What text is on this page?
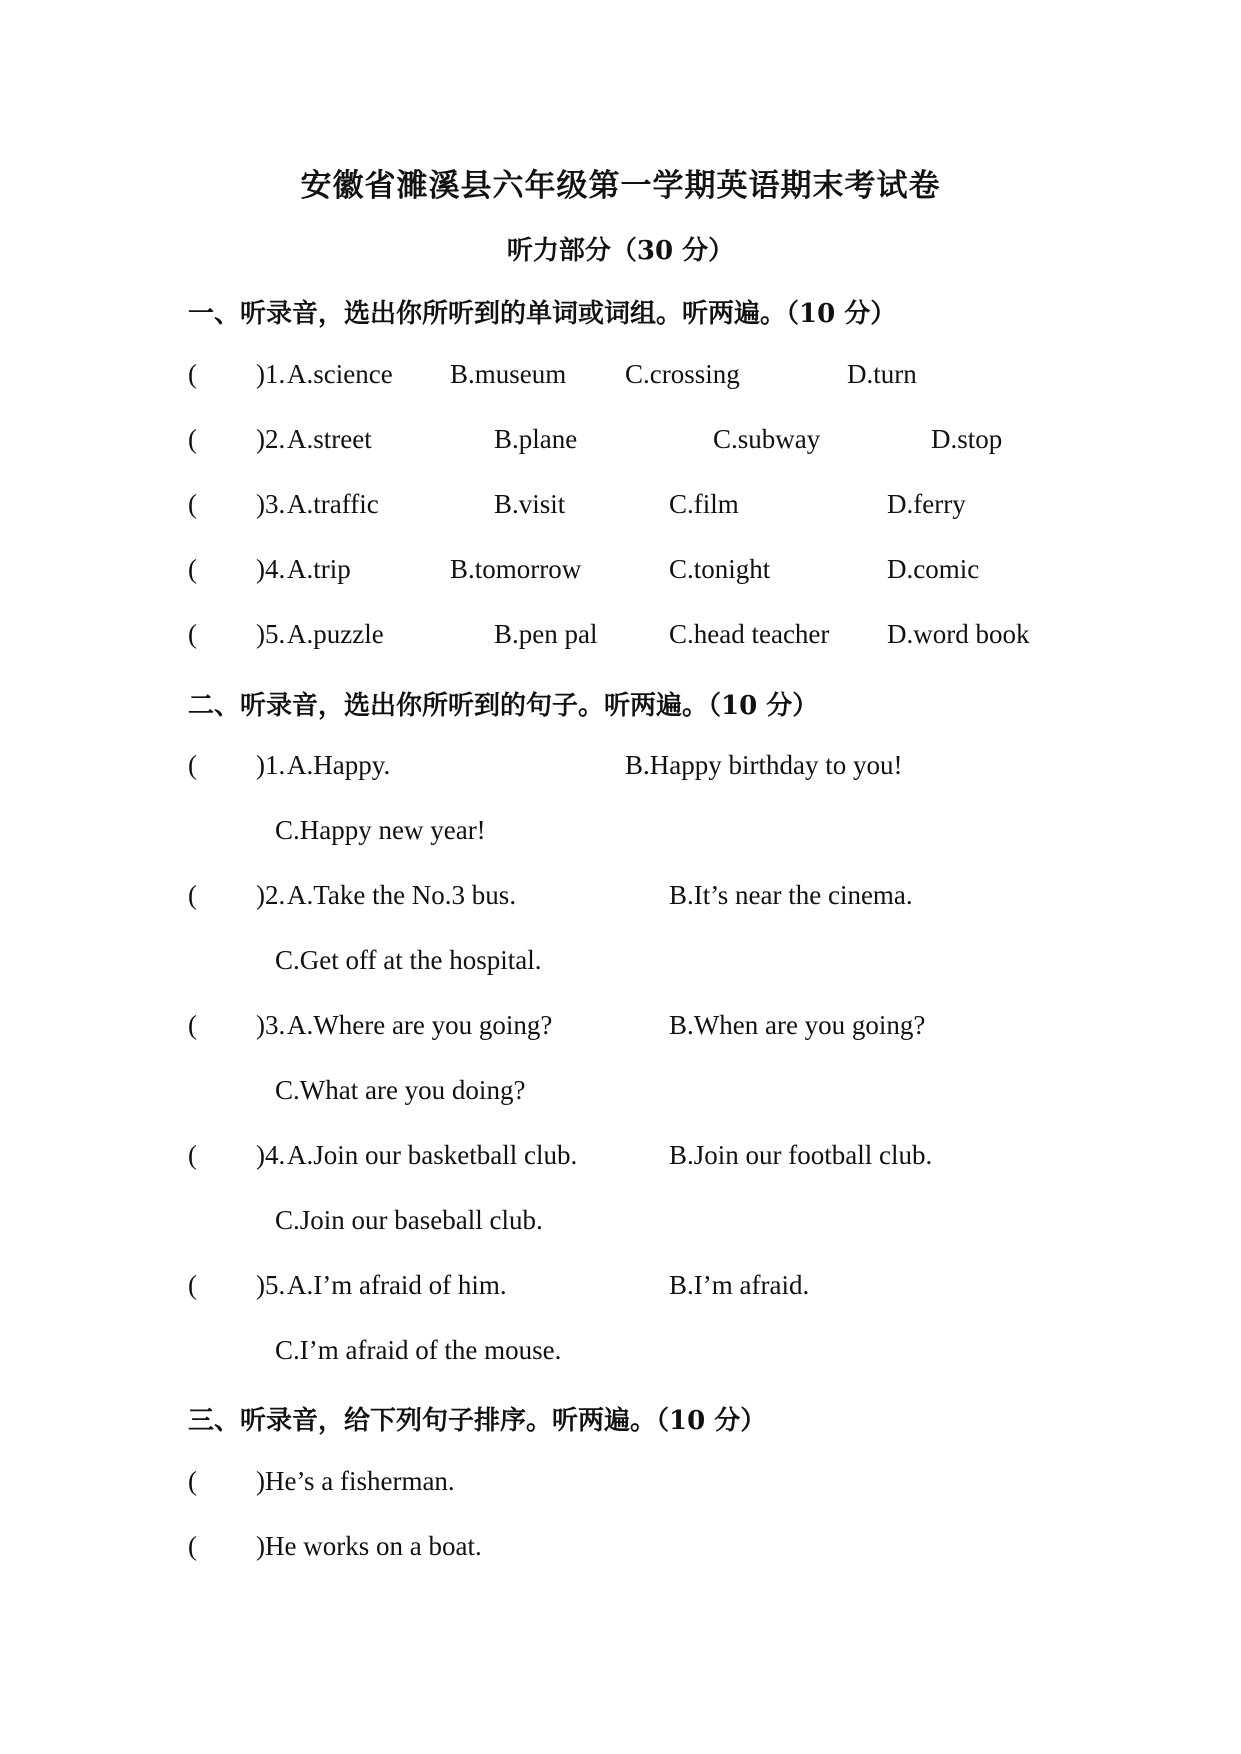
安徽省濉溪县六年级第一学期英语期末考试卷
听力部分（30 分）
一、听录音，选出你所听到的单词或词组。听两遍。（10 分）
( )1. A.science B.museum C.crossing	D.turn
( )2. A.street	B.plane	C.subway	D.stop
( )3. A.traffic	B.visit	C.film	D.ferry
( )4. A.trip	B.tomorrow	C.tonight	D.comic
( )5. A.puzzle	B.pen pal	C.head teacher D.word book
二、听录音，选出你所听到的句子。听两遍。（10 分）
( )1. A.Happy.	B.Happy birthday to you!
C.Happy new year!
( )2. A.Take the No.3 bus.	B.It’s near the cinema.
C.Get off at the hospital.
( )3. A.Where are you going?	B.When are you going?
C.What are you doing?
( )4. A.Join our basketball club.	B.Join our football club.
C.Join our baseball club.
( )5. A.I’m afraid of him.	B.I’m afraid.
C.I’m afraid of the mouse.
三、听录音，给下列句子排序。听两遍。（10 分）
( ) He’s a fisherman.
( ) He works on a boat.
